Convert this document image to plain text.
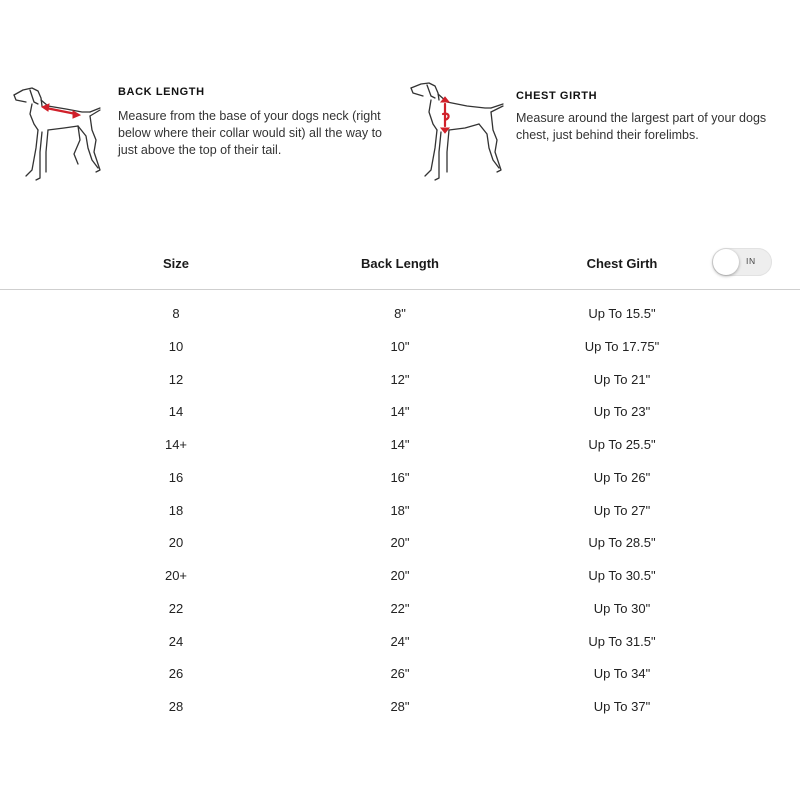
BACK LENGTH
Measure from the base of your dogs neck (right below where their collar would sit) all the way to just above the top of their tail.
CHEST GIRTH
Measure around the largest part of your dogs chest, just behind their forelimbs.
Size	Back Length	Chest Girth	IN
8	8"	Up To 15.5"
10	10"	Up To 17.75"
12	12"	Up To 21"
14	14"	Up To 23"
14+	14"	Up To 25.5"
16	16"	Up To 26"
18	18"	Up To 27"
20	20"	Up To 28.5"
20+	20"	Up To 30.5"
22	22"	Up To 30"
24	24"	Up To 31.5"
26	26"	Up To 34"
28	28"	Up To 37"
